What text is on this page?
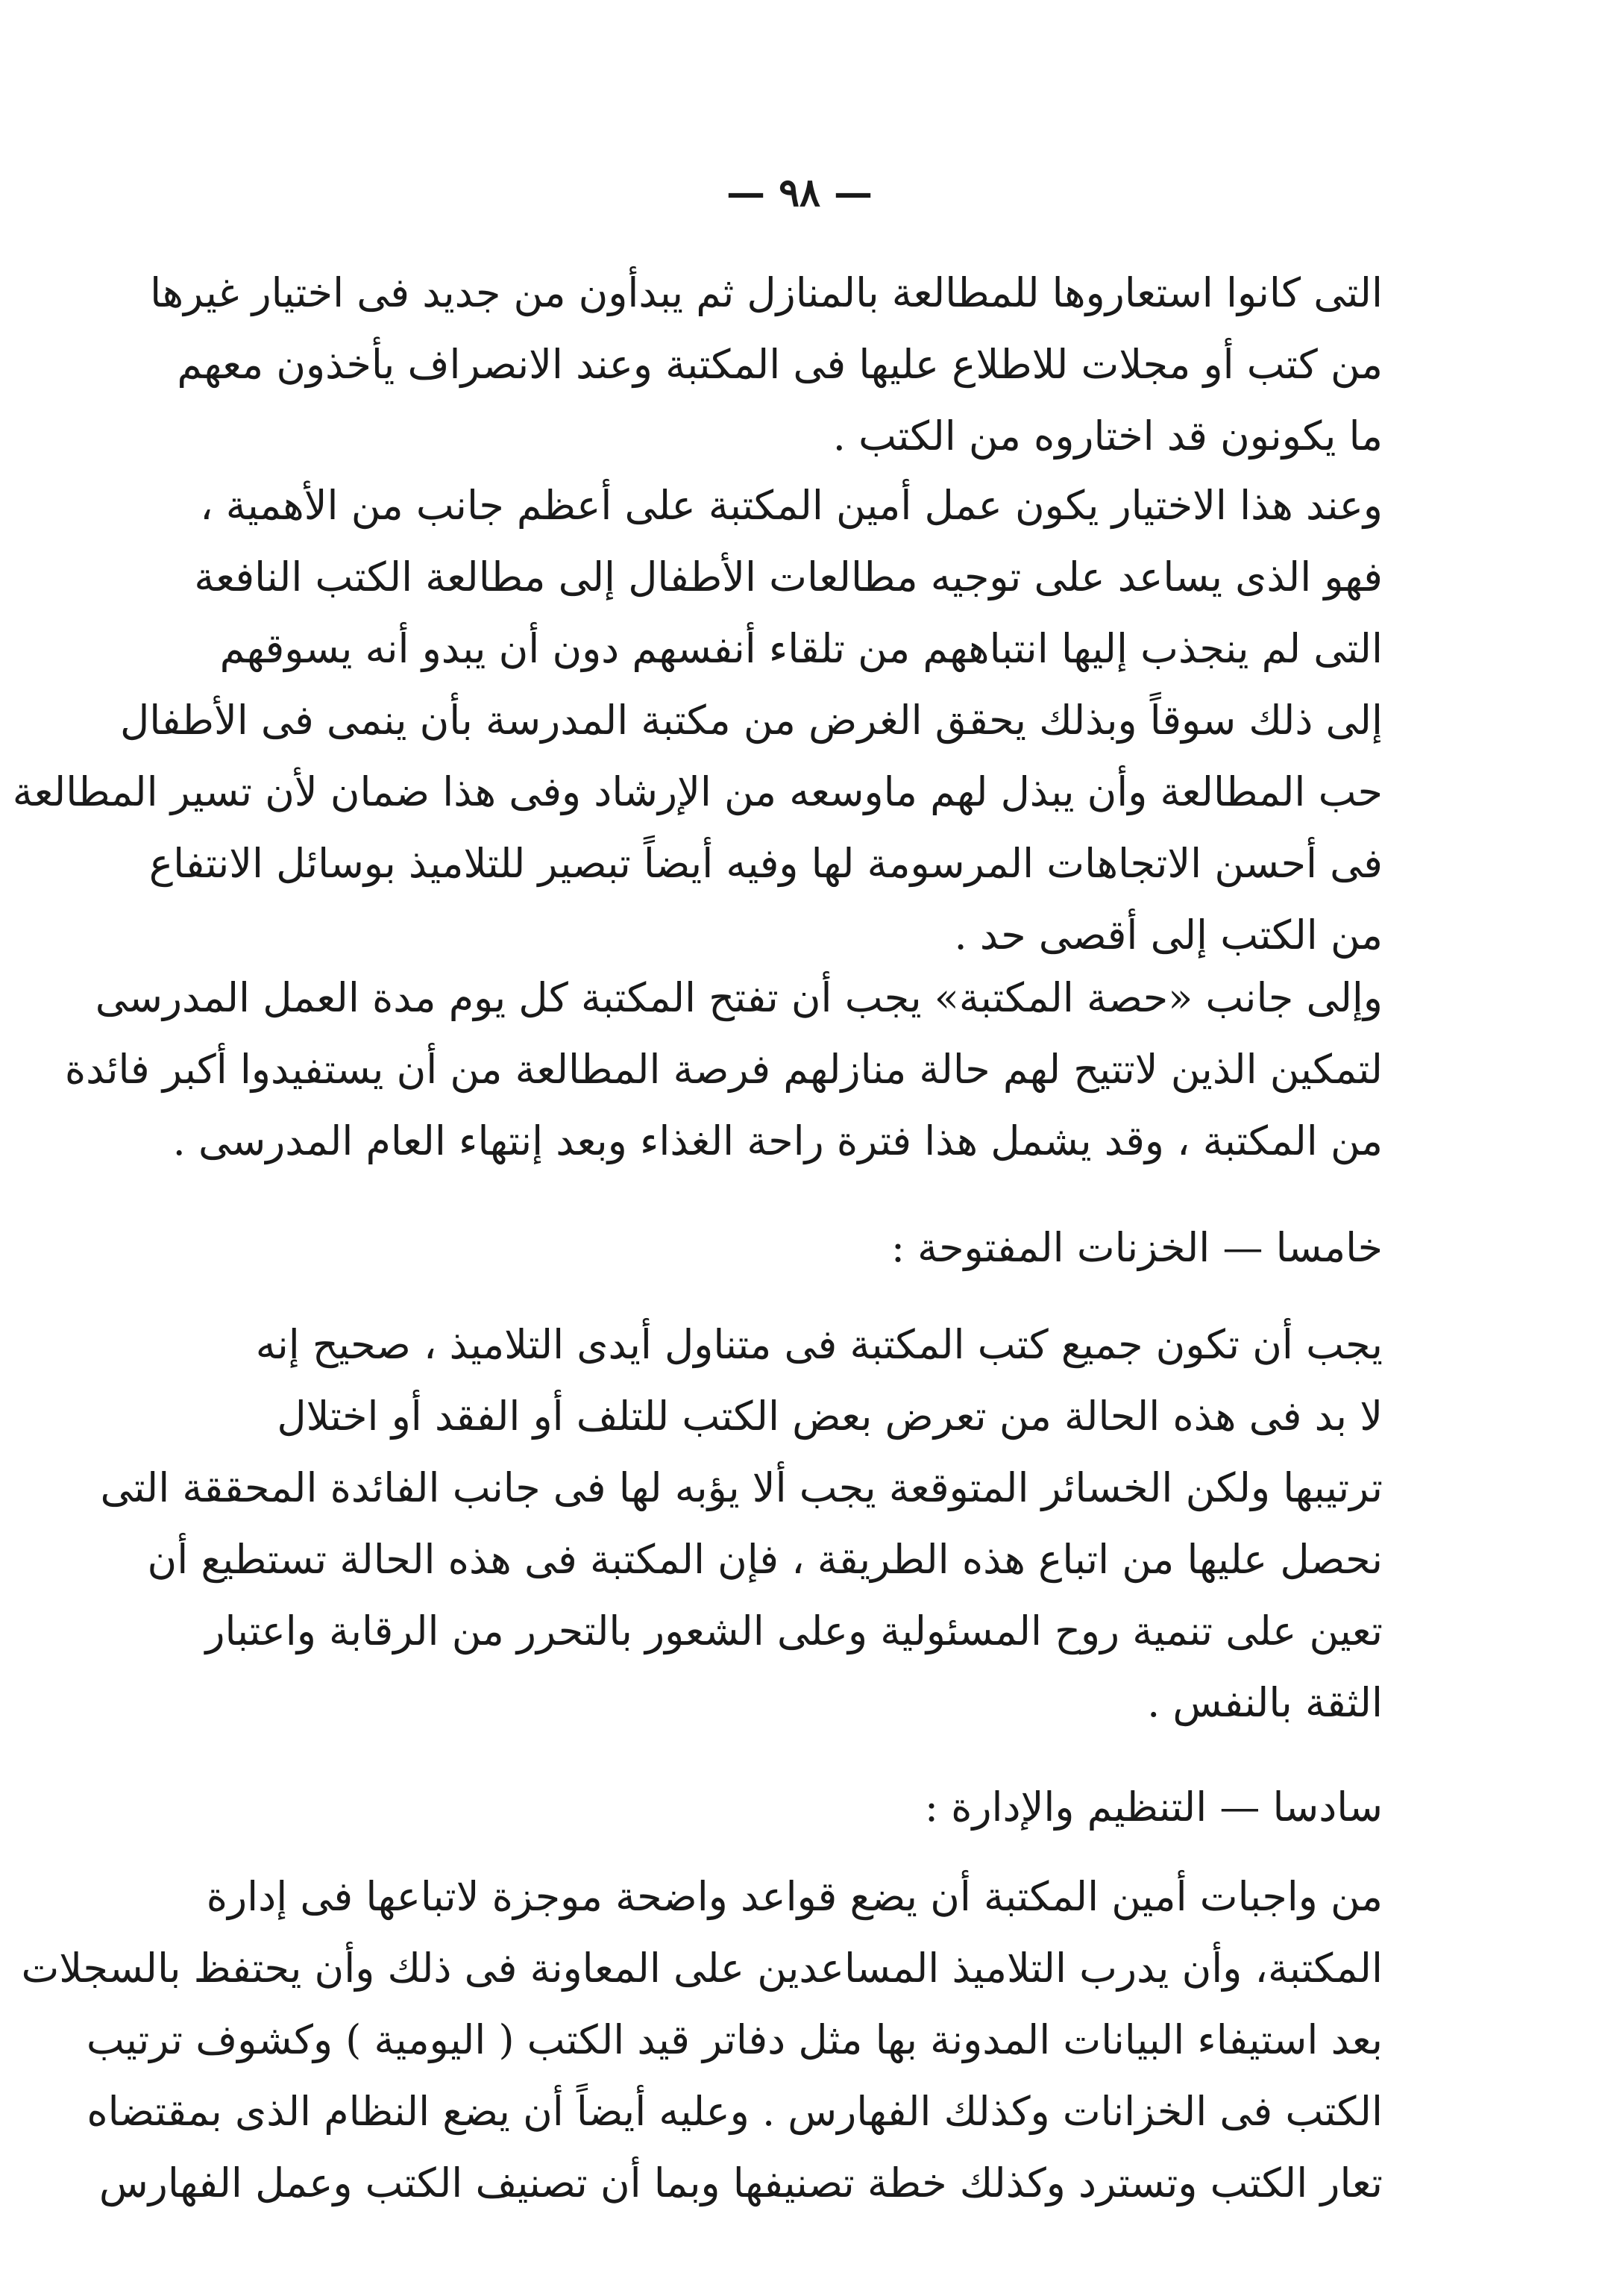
— ٩٨ —
التى كانوا استعاروها للمطالعة بالمنازل ثم يبدأون من جديد فى اختيار غيرها
من كتب أو مجلات للاطلاع عليها فى المكتبة وعند الانصراف يأخذون معهم
ما يكونون قد اختاروه من الكتب .
وعند هذا الاختيار يكون عمل أمين المكتبة على أعظم جانب من الأهمية ،
فهو الذى يساعد على توجيه مطالعات الأطفال إلى مطالعة الكتب النافعة
التى لم ينجذب إليها انتباههم من تلقاء أنفسهم دون أن يبدو أنه يسوقهم
إلى ذلك سوقاً وبذلك يحقق الغرض من مكتبة المدرسة بأن ينمى فى الأطفال
حب المطالعة وأن يبذل لهم ماوسعه من الإرشاد وفى هذا ضمان لأن تسير المطالعة
فى أحسن الاتجاهات المرسومة لها وفيه أيضاً تبصير للتلاميذ بوسائل الانتفاع
من الكتب إلى أقصى حد .
وإلى جانب «حصة المكتبة» يجب أن تفتح المكتبة كل يوم مدة العمل المدرسى
لتمكين الذين لاتتيح لهم حالة منازلهم فرصة المطالعة من أن يستفيدوا أكبر فائدة
من المكتبة ، وقد يشمل هذا فترة راحة الغذاء وبعد إنتهاء العام المدرسى .
خامسا — الخزنات المفتوحة :
يجب أن تكون جميع كتب المكتبة فى متناول أيدى التلاميذ ، صحيح إنه
لا بد فى هذه الحالة من تعرض بعض الكتب للتلف أو الفقد أو اختلال
ترتيبها ولكن الخسائر المتوقعة يجب ألا يؤبه لها فى جانب الفائدة المحققة التى
نحصل عليها من اتباع هذه الطريقة ، فإن المكتبة فى هذه الحالة تستطيع أن
تعين على تنمية روح المسئولية وعلى الشعور بالتحرر من الرقابة واعتبار
الثقة بالنفس .
سادسا — التنظيم والإدارة :
من واجبات أمين المكتبة أن يضع قواعد واضحة موجزة لاتباعها فى إدارة
المكتبة، وأن يدرب التلاميذ المساعدين على المعاونة فى ذلك وأن يحتفظ بالسجلات
بعد استيفاء البيانات المدونة بها مثل دفاتر قيد الكتب ( اليومية ) وكشوف ترتيب
الكتب فى الخزانات وكذلك الفهارس . وعليه أيضاً أن يضع النظام الذى بمقتضاه
تعار الكتب وتسترد وكذلك خطة تصنيفها وبما أن تصنيف الكتب وعمل الفهارس
